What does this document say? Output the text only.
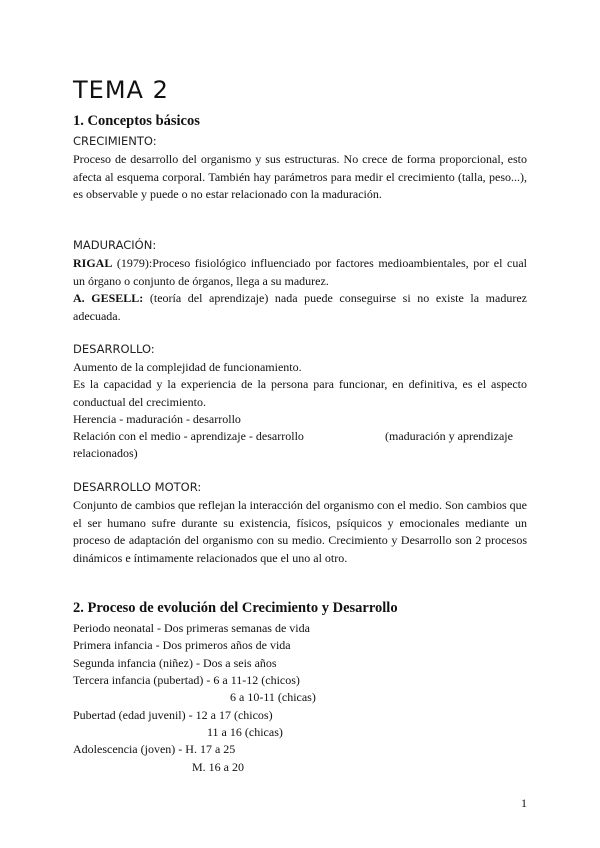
TEMA 2
1. Conceptos básicos
CRECIMIENTO:
Proceso de desarrollo del organismo y sus estructuras. No crece de forma proporcional, esto afecta al esquema corporal. También hay parámetros para medir el crecimiento (talla, peso...), es observable y puede o no estar relacionado con la maduración.
MADURACIÓN:
RIGAL (1979):Proceso fisiológico influenciado por factores medioambientales, por el cual un órgano o conjunto de órganos, llega a su madurez.
A. GESELL: (teoría del aprendizaje) nada puede conseguirse si no existe la madurez adecuada.
DESARROLLO:
Aumento de la complejidad de funcionamiento.
Es la capacidad y la experiencia de la persona para funcionar, en definitiva, es el aspecto conductual del crecimiento.
Herencia - maduración - desarrollo
Relación con el medio - aprendizaje - desarrollo	(maduración y aprendizaje
relacionados)
DESARROLLO MOTOR:
Conjunto de cambios que reflejan la interacción del organismo con el medio. Son cambios que el ser humano sufre durante su existencia, físicos, psíquicos y emocionales mediante un proceso de adaptación del organismo con su medio. Crecimiento y Desarrollo son 2 procesos dinámicos e íntimamente relacionados que el uno al otro.
2. Proceso de evolución del Crecimiento y Desarrollo
Periodo neonatal - Dos primeras semanas de vida
Primera infancia - Dos primeros años de vida
Segunda infancia (niñez) - Dos a seis años
Tercera infancia (pubertad) - 6 a 11-12 (chicos)
6 a 10-11 (chicas)
Pubertad (edad juvenil) - 12 a 17 (chicos)
11 a 16 (chicas)
Adolescencia (joven) - H. 17 a 25
M. 16 a 20
1
